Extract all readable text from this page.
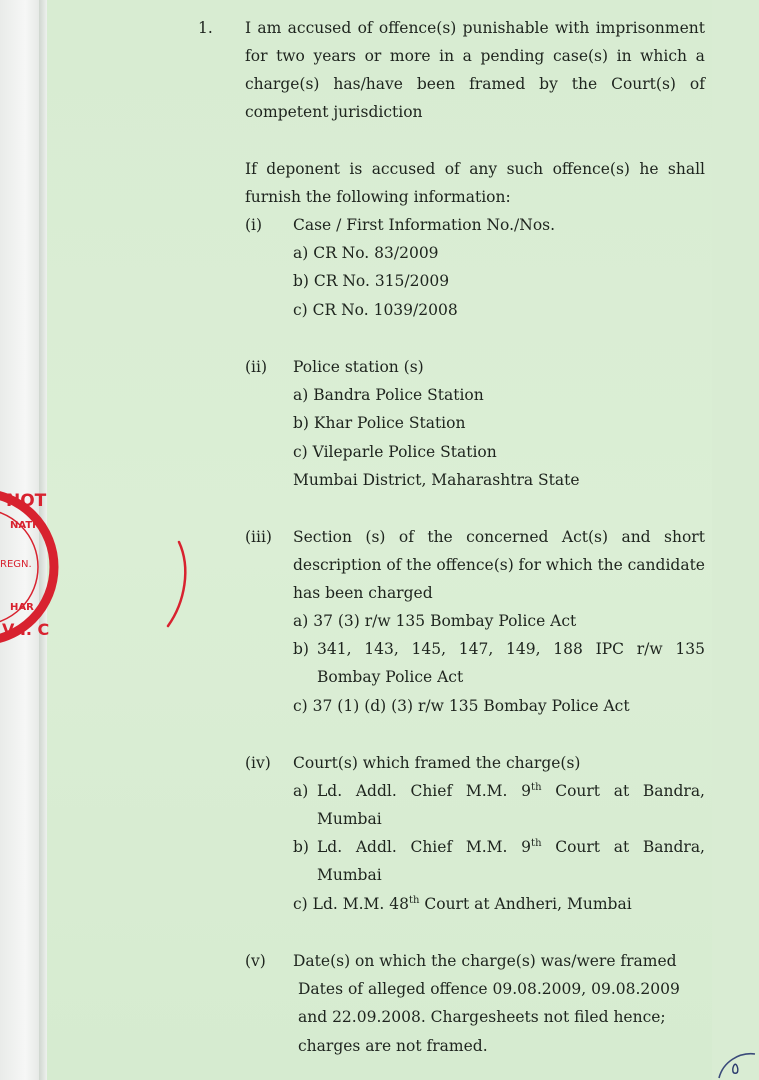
1. I am accused of offence(s) punishable with imprisonment
for two years or more in a pending case(s) in which a
charge(s) has/have been framed by the Court(s) of
competent jurisdiction
If deponent is accused of any such offence(s) he shall
furnish the following information:
(i) Case / First Information No./Nos.
a) CR No. 83/2009
b) CR No. 315/2009
c) CR No. 1039/2008
(ii) Police station (s)
a) Bandra Police Station
b) Khar Police Station
c) Vileparle Police Station
Mumbai District, Maharashtra State
(iii) Section (s) of the concerned Act(s) and short
description of the offence(s) for which the candidate
has been charged
a) 37 (3) r/w 135 Bombay Police Act
b) 341, 143, 145, 147, 149, 188 IPC r/w 135
Bombay Police Act
c) 37 (1) (d) (3) r/w 135 Bombay Police Act
(iv) Court(s) which framed the charge(s)
a) Ld. Addl. Chief M.M. 9th Court at Bandra,
Mumbai
b) Ld. Addl. Chief M.M. 9th Court at Bandra,
Mumbai
c) Ld. M.M. 48th Court at Andheri, Mumbai
(v) Date(s) on which the charge(s) was/were framed
Dates of alleged offence 09.08.2009, 09.08.2009
and 22.09.2008. Chargesheets not filed hence;
charges are not framed.
٥
NOT
NATH
REGN.
HAR
V I. C
